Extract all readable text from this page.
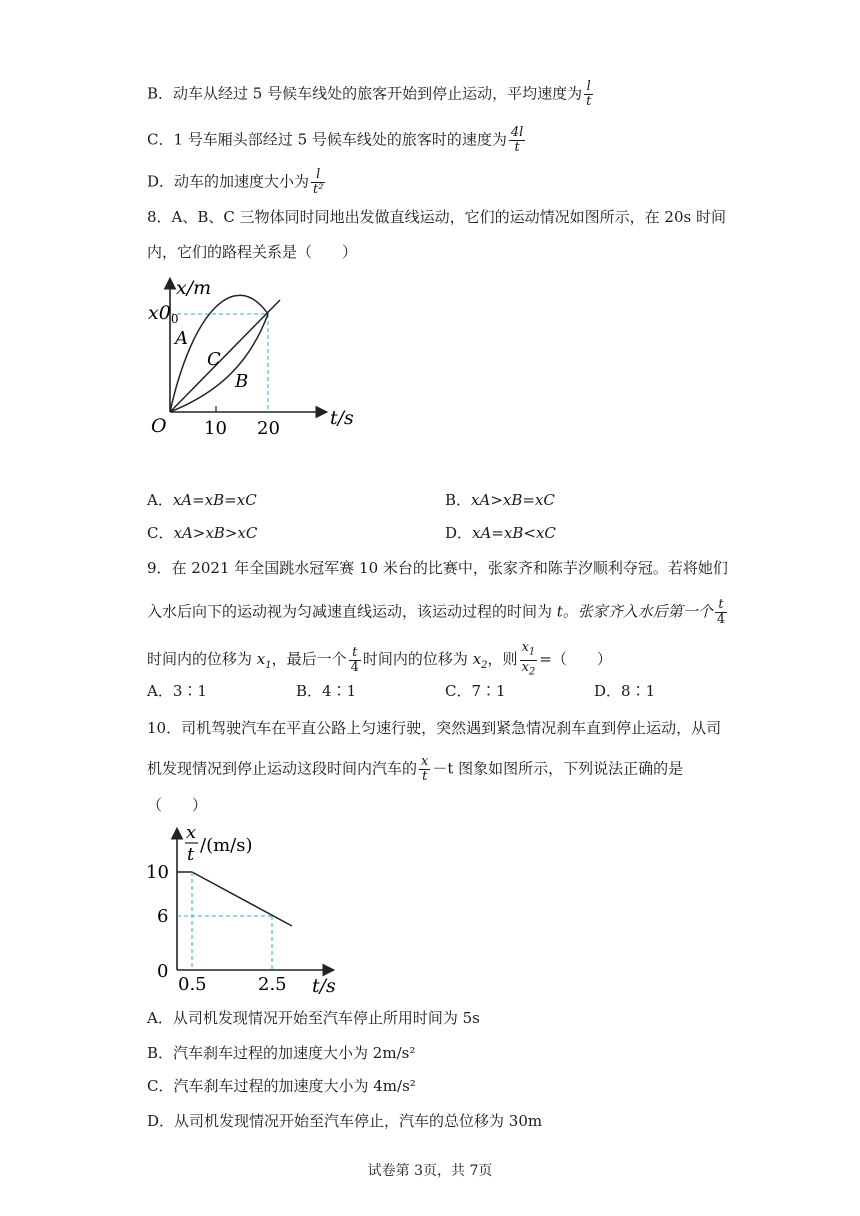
B．动车从经过 5 号候车线处的旅客开始到停止运动，平均速度为 $\frac{l}{t}$
C．1 号车厢头部经过 5 号候车线处的旅客时的速度为 $\frac{4l}{t}$
D．动车的加速度大小为 $\frac{l}{\text{t²}}$
8．A、B、C 三物体同时同地出发做直线运动，它们的运动情况如图所示，在 20s 时间
内，它们的路程关系是（　　）
x/m
$x0_0$
O 10 20	t/s
A
C
B
A．xA=xB=xC	B．xA>xB=xC
C．xA>xB>xC	D．xA=xB<xC
9．在 2021 年全国跳水冠军赛 10 米台的比赛中，张家齐和陈芋汐顺利夺冠。若将她们
入水后向下的运动视为匀减速直线运动，该运动过程的时间为 t。张家齐入水后第一个 $\frac{t}{4}$
时间内的位移为 $x_1$，最后一个 $\frac{t}{4}$ 时间内的位移为 $x_2$，则 $\frac{x_1}{x_2}$ =（　　）
A．3∶1	B．4∶1	C．7∶1	D．8∶1
10．司机驾驶汽车在平直公路上匀速行驶，突然遇到紧急情况刹车直到停止运动，从司
机发现情况到停止运动这段时间内汽车的 $\frac{x}{t} -t$ 图象如图所示，下列说法正确的是
（　　）
x
t /(m/s)
10
6
0
0.5	2.5 t/s
A．从司机发现情况开始至汽车停止所用时间为 5s
B．汽车刹车过程的加速度大小为 2m/s²
C．汽车刹车过程的加速度大小为 4m/s²
D．从司机发现情况开始至汽车停止，汽车的总位移为 30m
试卷第 3页，共 7页
